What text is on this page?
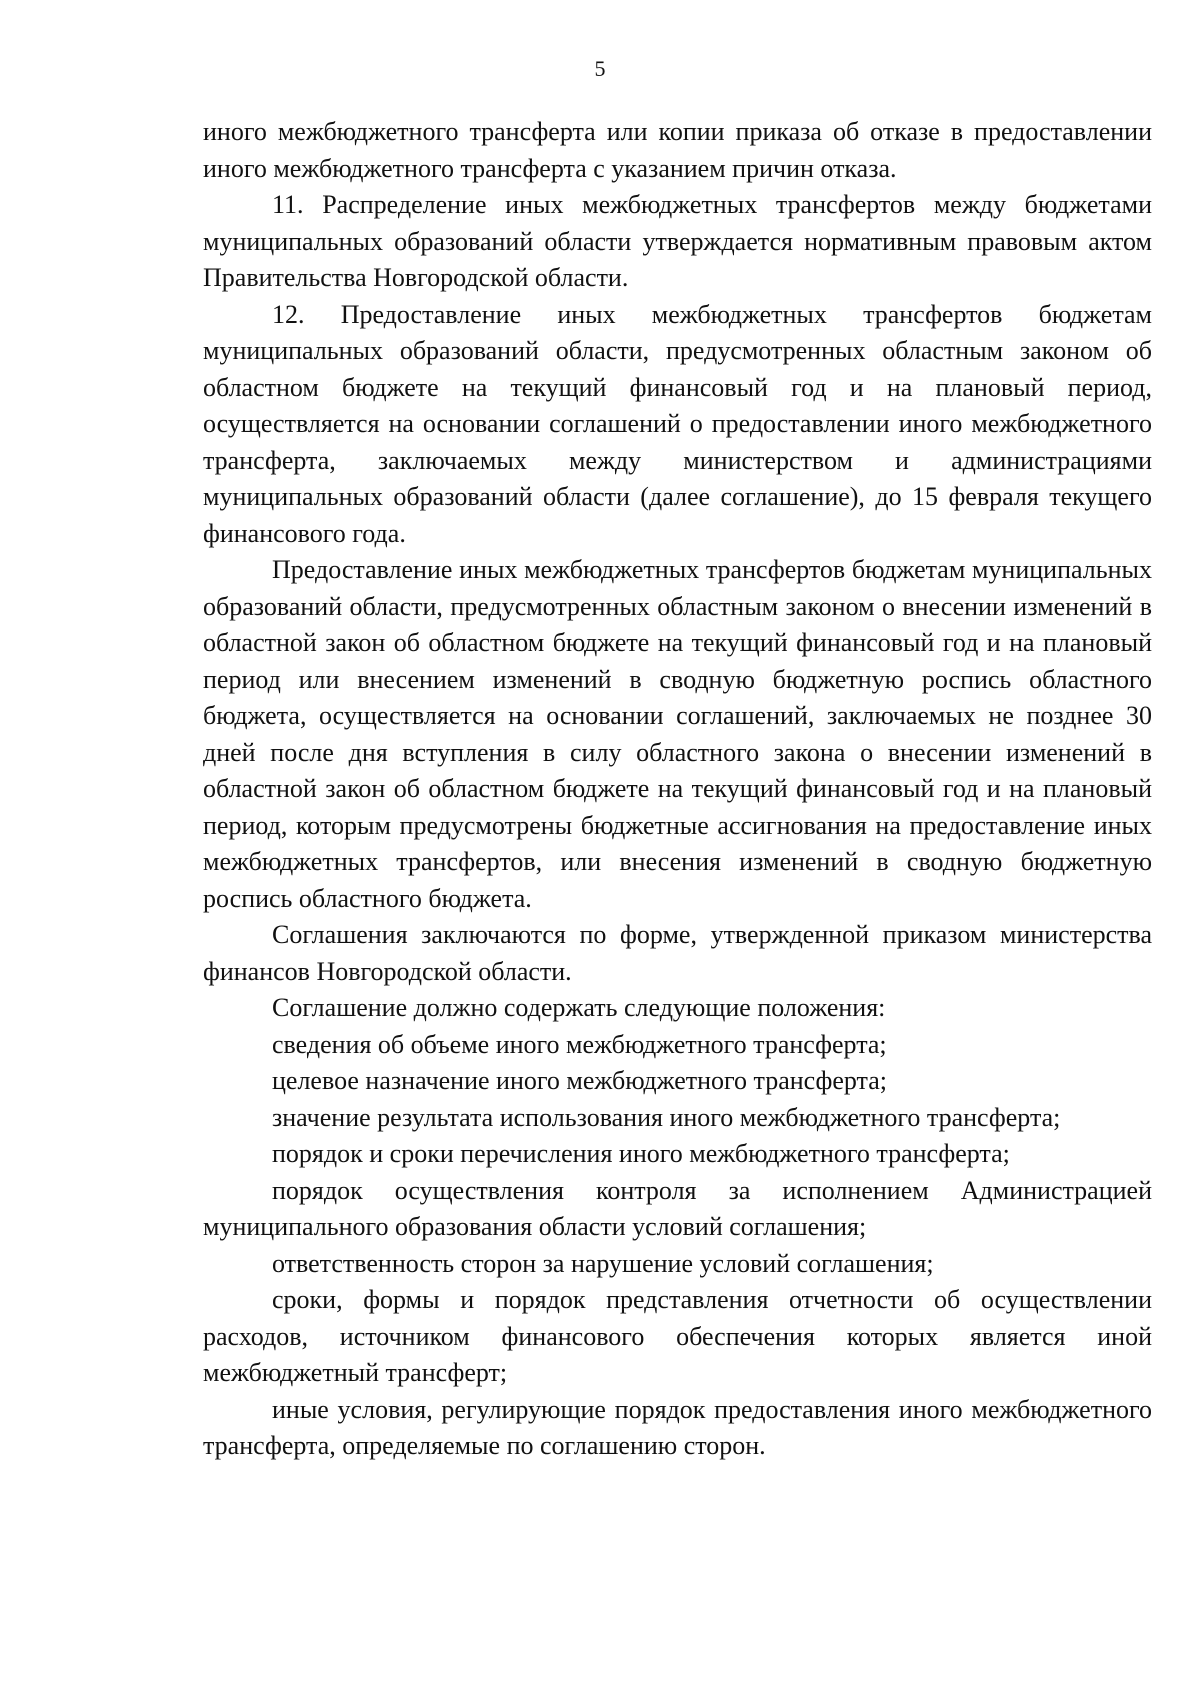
5

иного межбюджетного трансферта или копии приказа об отказе в предоставлении иного межбюджетного трансферта с указанием причин отказа.

11. Распределение иных межбюджетных трансфертов между бюджетами муниципальных образований области утверждается нормативным правовым актом Правительства Новгородской области.

12. Предоставление иных межбюджетных трансфертов бюджетам муниципальных образований области, предусмотренных областным законом об областном бюджете на текущий финансовый год и на плановый период, осуществляется на основании соглашений о предоставлении иного межбюджетного трансферта, заключаемых между министерством и администрациями муниципальных образований области (далее соглашение), до 15 февраля текущего финансового года.

Предоставление иных межбюджетных трансфертов бюджетам муниципальных образований области, предусмотренных областным законом о внесении изменений в областной закон об областном бюджете на текущий финансовый год и на плановый период или внесением изменений в сводную бюджетную роспись областного бюджета, осуществляется на основании соглашений, заключаемых не позднее 30 дней после дня вступления в силу областного закона о внесении изменений в областной закон об областном бюджете на текущий финансовый год и на плановый период, которым предусмотрены бюджетные ассигнования на предоставление иных межбюджетных трансфертов, или внесения изменений в сводную бюджетную роспись областного бюджета.

Соглашения заключаются по форме, утвержденной приказом министерства финансов Новгородской области.

Соглашение должно содержать следующие положения:

сведения об объеме иного межбюджетного трансферта;

целевое назначение иного межбюджетного трансферта;

значение результата использования иного межбюджетного трансферта;

порядок и сроки перечисления иного межбюджетного трансферта;

порядок осуществления контроля за исполнением Администрацией муниципального образования области условий соглашения;

ответственность сторон за нарушение условий соглашения;

сроки, формы и порядок представления отчетности об осуществлении расходов, источником финансового обеспечения которых является иной межбюджетный трансферт;

иные условия, регулирующие порядок предоставления иного межбюджетного трансферта, определяемые по соглашению сторон.
